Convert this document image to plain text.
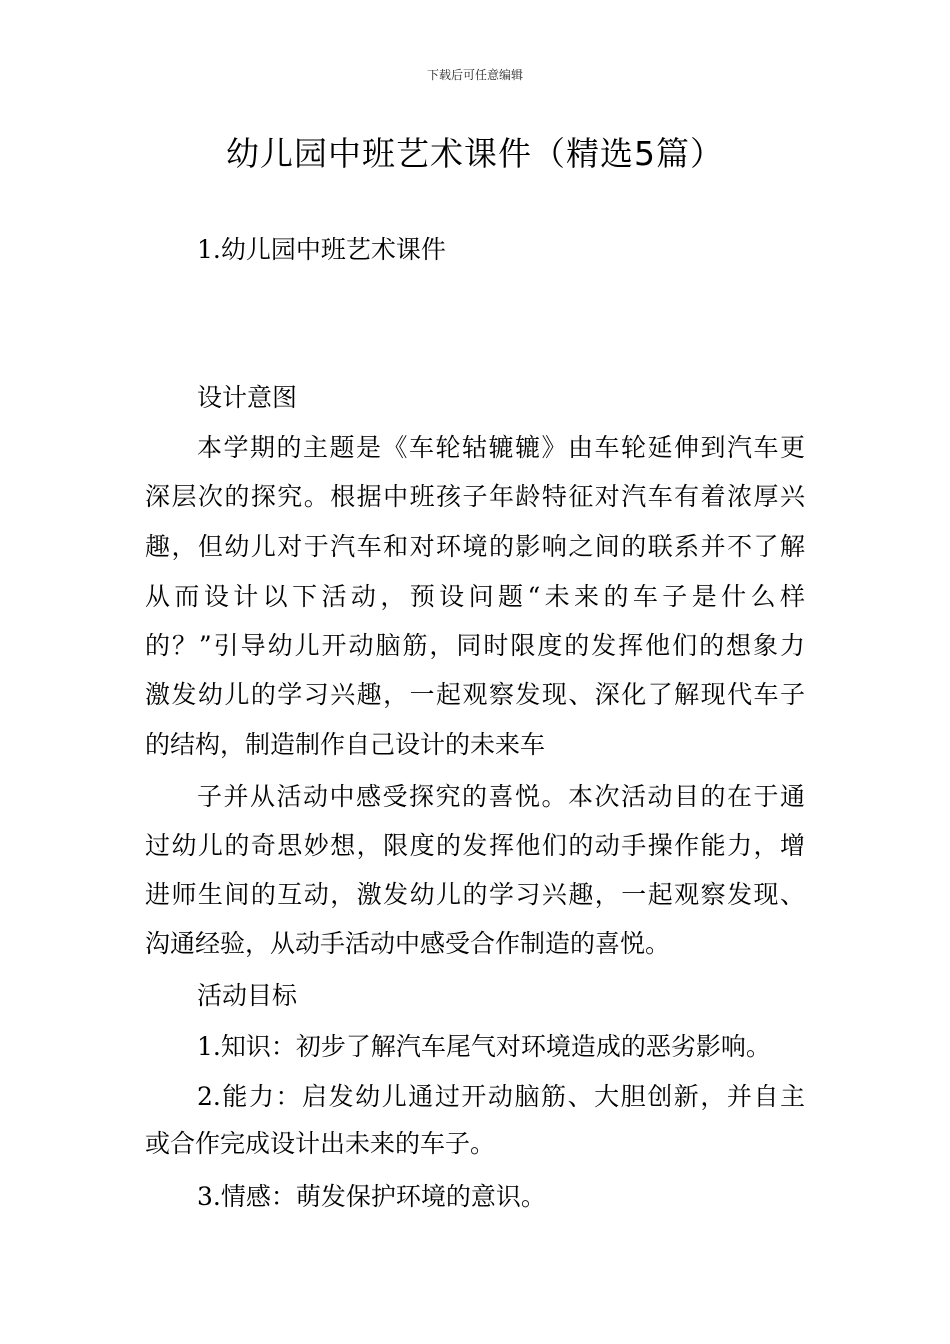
下载后可任意编辑
幼儿园中班艺术课件（精选5篇）

1.幼儿园中班艺术课件

设计意图

本学期的主题是《车轮轱辘辘》由车轮延伸到汽车更

深层次的探究。根据中班孩子年龄特征对汽车有着浓厚兴

趣，但幼儿对于汽车和对环境的影响之间的联系并不了解

从而设计以下活动，预设问题“未来的车子是什么样

的？”引导幼儿开动脑筋，同时限度的发挥他们的想象力

激发幼儿的学习兴趣，一起观察发现、深化了解现代车子

的结构，制造制作自己设计的未来车

子并从活动中感受探究的喜悦。本次活动目的在于通

过幼儿的奇思妙想，限度的发挥他们的动手操作能力，增

进师生间的互动，激发幼儿的学习兴趣，一起观察发现、

沟通经验，从动手活动中感受合作制造的喜悦。

活动目标

1.知识：初步了解汽车尾气对环境造成的恶劣影响。

2.能力：启发幼儿通过开动脑筋、大胆创新，并自主

或合作完成设计出未来的车子。

3.情感：萌发保护环境的意识。
